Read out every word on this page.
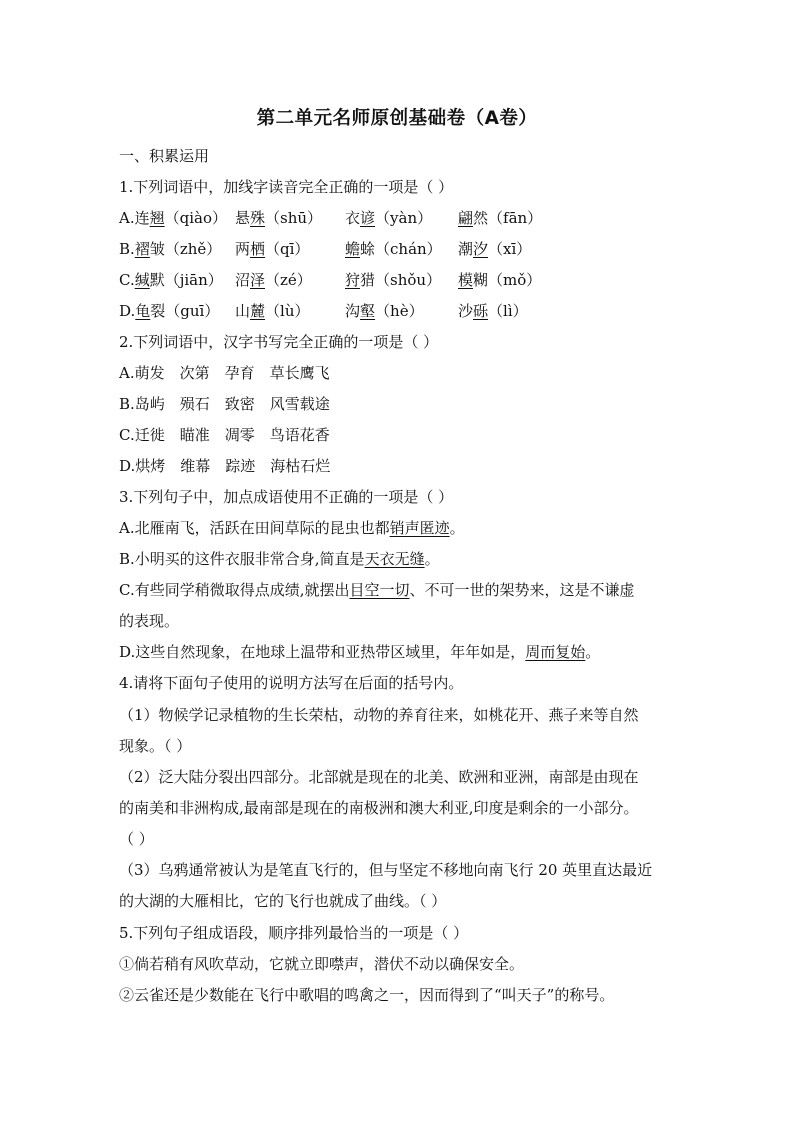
第二单元名师原创基础卷（A卷）
一、积累运用
1.下列词语中，加线字读音完全正确的一项是（ ）
A.连翘（qiào） 悬殊（shū） 衣谚（yàn） 翩然（fān）
B.褶皱（zhě） 两栖（qī） 蟾蜍（chán） 潮汐（xī）
C.缄默（jiān） 沼泽（zé） 狩猎（shǒu） 模糊（mǒ）
D.龟裂（guī） 山麓（lù） 沟壑（hè） 沙砾（lì）
2.下列词语中，汉字书写完全正确的一项是（ ）
A.萌发　次第　孕育　草长鹰飞
B.岛屿　殒石　致密　风雪载途
C.迁徙　瞄准　凋零　鸟语花香
D.烘烤　维幕　踪迹　海枯石烂
3.下列句子中，加点成语使用不正确的一项是（ ）
A.北雁南飞，活跃在田间草际的昆虫也都销声匿迹。
B.小明买的这件衣服非常合身,简直是天衣无缝。
C.有些同学稍微取得点成绩,就摆出目空一切、不可一世的架势来，这是不谦虚
的表现。
D.这些自然现象，在地球上温带和亚热带区域里，年年如是，周而复始。
4.请将下面句子使用的说明方法写在后面的括号内。
（1）物候学记录植物的生长荣枯，动物的养育往来，如桃花开、燕子来等自然
现象。（ ）
（2）泛大陆分裂出四部分。北部就是现在的北美、欧洲和亚洲，南部是由现在
的南美和非洲构成,最南部是现在的南极洲和澳大利亚,印度是剩余的一小部分。
（ ）
（3）乌鸦通常被认为是笔直飞行的，但与坚定不移地向南飞行 20 英里直达最近
的大湖的大雁相比，它的飞行也就成了曲线。（ ）
5.下列句子组成语段，顺序排列最恰当的一项是（ ）
①倘若稍有风吹草动，它就立即噤声，潜伏不动以确保安全。
②云雀还是少数能在飞行中歌唱的鸣禽之一，因而得到了“叫天子”的称号。
